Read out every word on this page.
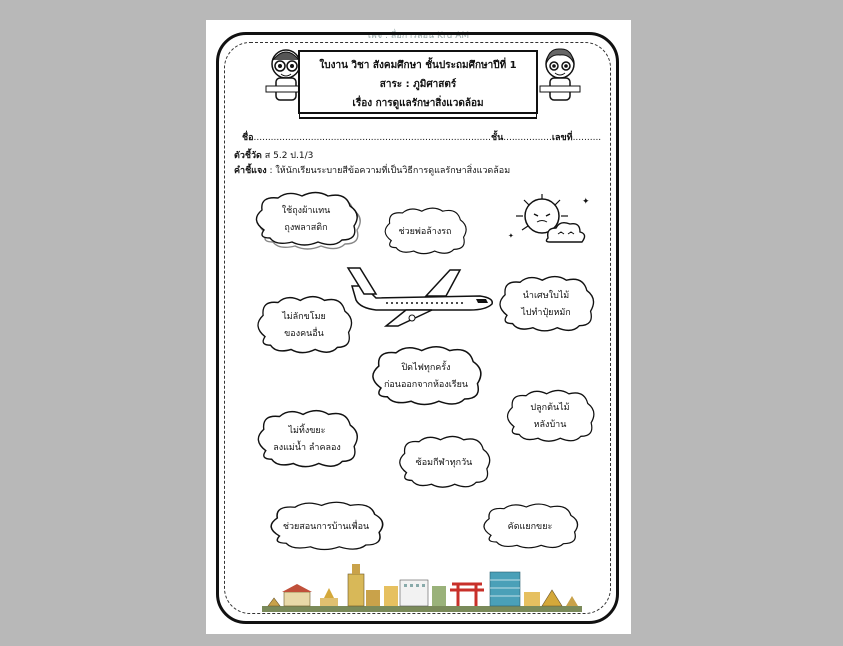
เพจ : สื่อการสอน Kru AM
ใบงาน วิชา สังคมศึกษา ชั้นประถมศึกษาปีที่ 1
สาระ : ภูมิศาสตร์
เรื่อง การดูแลรักษาสิ่งแวดล้อม
ชื่อ...................................................................................ชั้น.................เลขที่..........
ตัวชี้วัด ส 5.2 ป.1/3
คำชี้แจง : ให้นักเรียนระบายสีข้อความที่เป็นวิธีการดูแลรักษาสิ่งแวดล้อม
✦
✦
ใช้ถุงผ้าแทน
ถุงพลาสติก	ช่วยพ่อล้างรถ
นำเศษใบไม้
ไปทำปุ๋ยหมัก
ไม่ลักขโมย
ของคนอื่น
ปิดไฟทุกครั้ง
ก่อนออกจากห้องเรียน
ปลูกต้นไม้
หลังบ้าน
ไม่ทิ้งขยะ
ลงแม่น้ำ ลำคลอง
ซ้อมกีฬาทุกวัน
ช่วยสอนการบ้านเพื่อน	คัดแยกขยะ
